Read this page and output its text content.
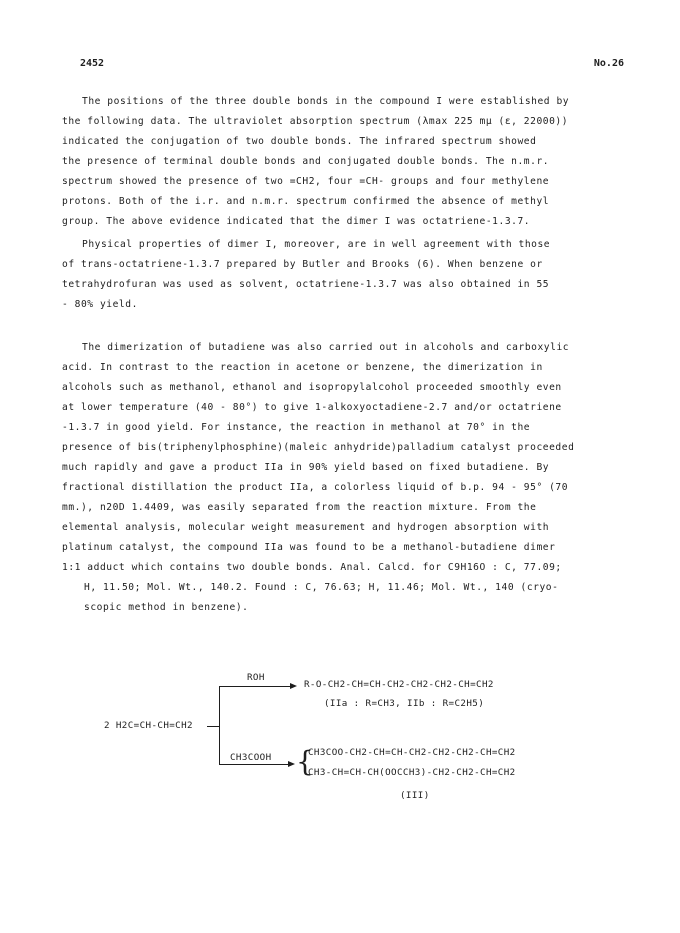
2452	No.26
The positions of the three double bonds in the compound I were established by
the following data. The ultraviolet absorption spectrum (λmax 225 mμ (ε, 22000))
indicated the conjugation of two double bonds. The infrared spectrum showed
the presence of terminal double bonds and conjugated double bonds. The n.m.r.
spectrum showed the presence of two =CH2, four =CH- groups and four methylene
protons. Both of the i.r. and n.m.r. spectrum confirmed the absence of methyl
group. The above evidence indicated that the dimer I was octatriene-1.3.7.
Physical properties of dimer I, moreover, are in well agreement with those
of trans-octatriene-1.3.7 prepared by Butler and Brooks (6). When benzene or
tetrahydrofuran was used as solvent, octatriene-1.3.7 was also obtained in 55
- 80% yield.
The dimerization of butadiene was also carried out in alcohols and carboxylic
acid. In contrast to the reaction in acetone or benzene, the dimerization in
alcohols such as methanol, ethanol and isopropylalcohol proceeded smoothly even
at lower temperature (40 - 80°) to give 1-alkoxyoctadiene-2.7 and/or octatriene
-1.3.7 in good yield. For instance, the reaction in methanol at 70° in the
presence of bis(triphenylphosphine)(maleic anhydride)palladium catalyst proceeded
much rapidly and gave a product IIa in 90% yield based on fixed butadiene. By
fractional distillation the product IIa, a colorless liquid of b.p. 94 - 95° (70
mm.), n20D 1.4409, was easily separated from the reaction mixture. From the
elemental analysis, molecular weight measurement and hydrogen absorption with
platinum catalyst, the compound IIa was found to be a methanol-butadiene dimer
1:1 adduct which contains two double bonds. Anal. Calcd. for C9H16O : C, 77.09;
H, 11.50; Mol. Wt., 140.2. Found : C, 76.63; H, 11.46; Mol. Wt., 140 (cryo-
scopic method in benzene).
2 H2C=CH-CH=CH2
ROH
R-O-CH2-CH=CH-CH2-CH2-CH2-CH=CH2
(IIa : R=CH3, IIb : R=C2H5)
CH3COOH {
CH3COO-CH2-CH=CH-CH2-CH2-CH2-CH=CH2
CH3-CH=CH-CH(OOCCH3)-CH2-CH2-CH=CH2
(III)
